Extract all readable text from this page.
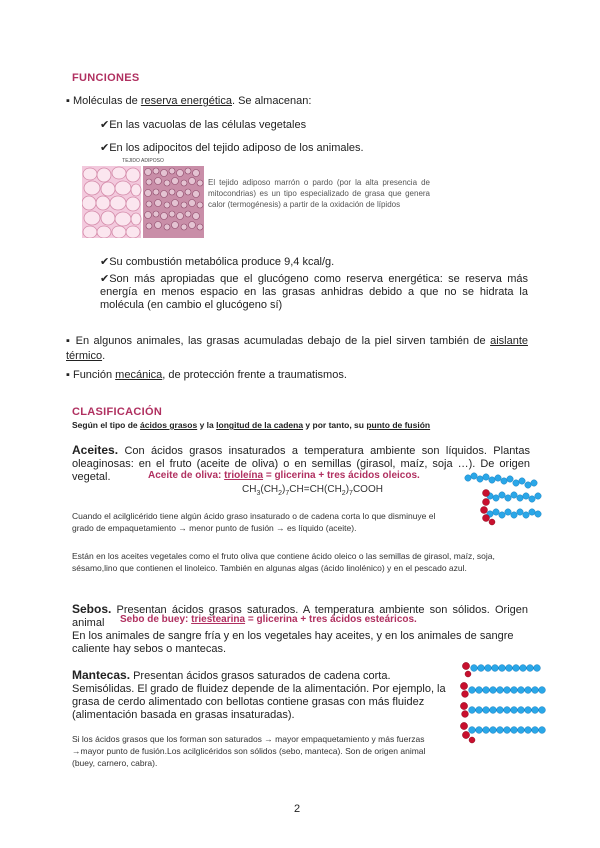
FUNCIONES
▪ Moléculas de reserva energética. Se almacenan:
✔En las vacuolas de las células vegetales
✔En los adipocitos del tejido adiposo de los animales.
TEJIDO ADIPOSO
El tejido adiposo marrón o pardo (por la alta presencia de mitocondrias) es un tipo especializado de grasa que genera calor (termogénesis) a partir de la oxidación de lípidos
✔Su combustión metabólica produce 9,4 kcal/g.
✔Son más apropiadas que el glucógeno como reserva energética: se reserva más energía en menos espacio en las grasas anhidras debido a que no se hidrata la molécula (en cambio el glucógeno sí)
▪ En algunos animales, las grasas acumuladas debajo de la piel sirven también de aislante térmico.
▪ Función mecánica, de protección frente a traumatismos.
CLASIFICACIÓN
Según el tipo de ácidos grasos y la longitud de la cadena y por tanto, su punto de fusión
Aceites. Con ácidos grasos insaturados a temperatura ambiente son líquidos. Plantas oleaginosas: en el fruto (aceite de oliva) o en semillas (girasol, maíz, soja …). De origen vegetal.	Aceite de oliva: trioleína = glicerina + tres ácidos oleicos.
$CH_3(CH_2)_7CH=CH(CH_2)_7COOH$
Cuando el acilglicérido tiene algún ácido graso insaturado o de cadena corta lo que disminuye el grado de empaquetamiento → menor punto de fusión → es líquido (aceite).
Están en los aceites vegetales como el fruto oliva que contiene ácido oleico o las semillas de girasol, maíz, soja, sésamo,lino que contienen el linoleico. También en algunas algas (ácido linolénico) y en el pescado azul.
Sebos. Presentan ácidos grasos saturados. A temperatura ambiente son sólidos. Origen animal	Sebo de buey: triestearina = glicerina + tres ácidos esteáricos.
En los animales de sangre fría y en los vegetales hay aceites, y en los animales de sangre caliente hay sebos o mantecas.
Mantecas. Presentan ácidos grasos saturados de cadena corta. Semisólidas. El grado de fluidez depende de la alimentación. Por ejemplo, la grasa de cerdo alimentado con bellotas contiene grasas con más fluidez (alimentación basada en grasas insaturadas).
Si los ácidos grasos que los forman son saturados → mayor empaquetamiento y más fuerzas →mayor punto de fusión.Los acilglicéridos son sólidos (sebo, manteca). Son de origen animal (buey, carnero, cabra).
2
